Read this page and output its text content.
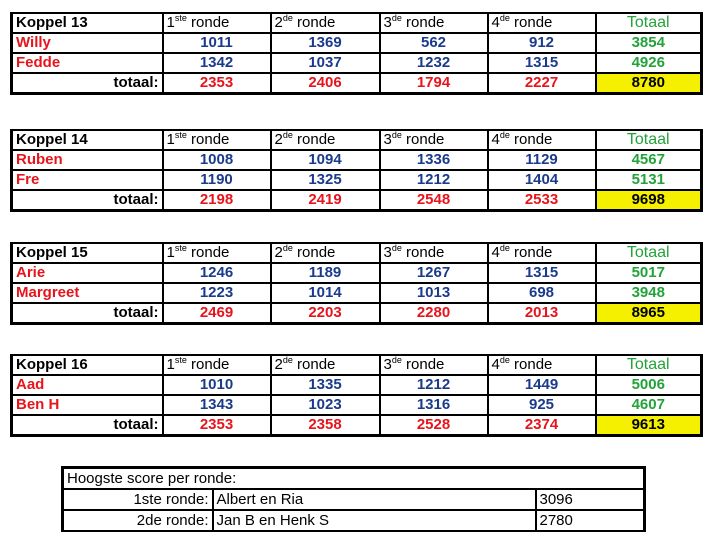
Koppel 13	1ste ronde	2de ronde	3de ronde	4de ronde	Totaal
Willy	1011	1369	562	912	3854
Fedde	1342	1037	1232	1315	4926
totaal:	2353	2406	1794	2227	8780
Koppel 14	1ste ronde	2de ronde	3de ronde	4de ronde	Totaal
Ruben	1008	1094	1336	1129	4567
Fre	1190	1325	1212	1404	5131
totaal:	2198	2419	2548	2533	9698
Koppel 15	1ste ronde	2de ronde	3de ronde	4de ronde	Totaal
Arie	1246	1189	1267	1315	5017
Margreet	1223	1014	1013	698	3948
totaal:	2469	2203	2280	2013	8965
Koppel 16	1ste ronde	2de ronde	3de ronde	4de ronde	Totaal
Aad	1010	1335	1212	1449	5006
Ben H	1343	1023	1316	925	4607
totaal:	2353	2358	2528	2374	9613
Hoogste score per ronde:		
1ste ronde:	Albert en Ria	3096
2de ronde:	Jan B en Henk S	2780
